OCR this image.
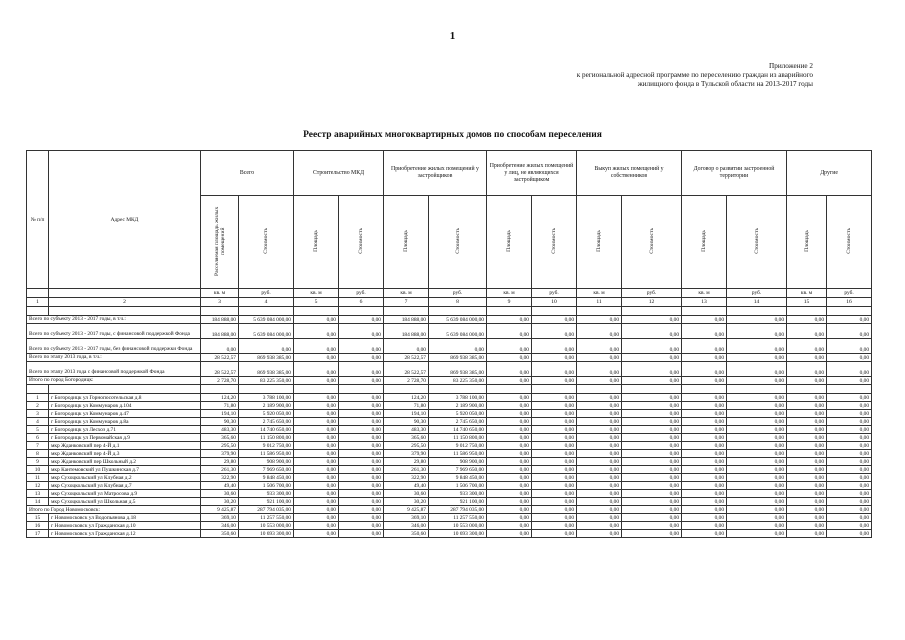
1
Приложение 2
к региональной адресной программе по переселению граждан из аварийного
жилищного фонда в Тульской области на 2013-2017 годы
Реестр аварийных многоквартирных домов по способам переселения
№ п/п	Адрес МКД	Всего		Строительство МКД		Приобретение жилых помещений у застройщиков		Приобретение жилых помещений у лиц, не являющихся застройщиком		Выкуп жилых помещений у собственников		Договор о развитии застроенной территории		Другие	
		Расселяемая площадь жилых помещений	Стоимость	Площадь	Стоимость	Площадь	Стоимость	Площадь	Стоимость	Площадь	Стоимость	Площадь	Стоимость	Площадь	Стоимость
		кв. м	руб.	кв. м	руб.	кв. м	руб.	кв. м	руб.	кв. м	руб.	кв. м	руб.	кв. м	руб.
1	2	3	4	5	6	7	8	9	10	11	12	13	14	15	16

Всего по субъекту 2013 - 2017 годы, в т.ч.:		184 888,00	5 639 084 000,00	0,00	0,00	184 888,00	5 639 084 000,00	0,00	0,00	0,00	0,00	0,00	0,00	0,00	0,00
Всего по субъекту 2013 - 2017 годы, с финансовой поддержкой Фонда		184 888,00	5 639 084 000,00	0,00	0,00	184 888,00	5 639 084 000,00	0,00	0,00	0,00	0,00	0,00	0,00	0,00	0,00
Всего по субъекту 2013 - 2017 годы, без финансовой поддержки Фонда		0,00	0,00	0,00	0,00	0,00	0,00	0,00	0,00	0,00	0,00	0,00	0,00	0,00	0,00
Всего по этапу 2013 года, в т.ч.:		28 522,57	869 938 385,00	0,00	0,00	28 522,57	869 938 385,00	0,00	0,00	0,00	0,00	0,00	0,00	0,00	0,00
Всего по этапу 2013 года с финансовой поддержкой Фонда		28 522,57	869 938 385,00	0,00	0,00	28 522,57	869 938 385,00	0,00	0,00	0,00	0,00	0,00	0,00	0,00	0,00
Итого по город Богородицк:		2 728,70	83 225 350,00	0,00	0,00	2 728,70	83 225 350,00	0,00	0,00	0,00	0,00	0,00	0,00	0,00	0,00

1	г Богородицк ул Горнопосотельская д.8	124,20	3 788 100,00	0,00	0,00	124,20	3 788 100,00	0,00	0,00	0,00	0,00	0,00	0,00	0,00	0,00
2	г Богородицк ул Коммунаров д.104	71,80	2 189 900,00	0,00	0,00	71,80	2 189 900,00	0,00	0,00	0,00	0,00	0,00	0,00	0,00	0,00
3	г Богородицк ул Коммунаров д.47	194,10	5 920 050,00	0,00	0,00	194,10	5 920 050,00	0,00	0,00	0,00	0,00	0,00	0,00	0,00	0,00
4	г Богородицк ул Коммунаров д.8а	90,30	2 745 650,00	0,00	0,00	90,30	2 745 650,00	0,00	0,00	0,00	0,00	0,00	0,00	0,00	0,00
5	г Богородицк ул Лесхоз д.71	483,30	14 740 650,00	0,00	0,00	483,30	14 740 650,00	0,00	0,00	0,00	0,00	0,00	0,00	0,00	0,00
6	г Богородицк ул Первомайская д.9	365,60	11 150 800,00	0,00	0,00	365,60	11 150 800,00	0,00	0,00	0,00	0,00	0,00	0,00	0,00	0,00
7	мкр Жданковский пер 4-Й д.1	295,50	9 012 750,00	0,00	0,00	295,50	9 012 750,00	0,00	0,00	0,00	0,00	0,00	0,00	0,00	0,00
8	мкр Жданковский пер 4-Й д.3	379,90	11 586 950,00	0,00	0,00	379,90	11 586 950,00	0,00	0,00	0,00	0,00	0,00	0,00	0,00	0,00
9	мкр Жданковский пер Школьный д.2	29,80	908 900,00	0,00	0,00	29,80	908 900,00	0,00	0,00	0,00	0,00	0,00	0,00	0,00	0,00
10	мкр Кантемовский ул Пушкинская д.7	261,30	7 969 650,00	0,00	0,00	261,30	7 969 650,00	0,00	0,00	0,00	0,00	0,00	0,00	0,00	0,00
11	мкр Сухоцкольский ул Клубная д.2	322,90	9 848 450,00	0,00	0,00	322,90	9 848 450,00	0,00	0,00	0,00	0,00	0,00	0,00	0,00	0,00
12	мкр Сухоцкольский ул Клубная д.7	49,40	1 506 700,00	0,00	0,00	49,40	1 506 700,00	0,00	0,00	0,00	0,00	0,00	0,00	0,00	0,00
13	мкр Сухоцкольский ул Матросова д.9	30,60	933 300,00	0,00	0,00	30,60	933 300,00	0,00	0,00	0,00	0,00	0,00	0,00	0,00	0,00
14	мкр Сухоцкольский ул Школьная д.5	30,20	921 100,00	0,00	0,00	30,20	921 100,00	0,00	0,00	0,00	0,00	0,00	0,00	0,00	0,00
Итого по Город Новомосковск:		9 425,87	287 794 035,00	0,00	0,00	9 425,87	287 794 035,00	0,00	0,00	0,00	0,00	0,00	0,00	0,00	0,00
15	г Новомосковск ул Водопьянова д.18	369,10	11 257 550,00	0,00	0,00	369,10	11 257 550,00	0,00	0,00	0,00	0,00	0,00	0,00	0,00	0,00
16	г Новомосковск ул Гражданская д.10	346,00	10 553 000,00	0,00	0,00	346,00	10 553 000,00	0,00	0,00	0,00	0,00	0,00	0,00	0,00	0,00
17	г Новомосковск ул Гражданская д.12	350,60	10 693 300,00	0,00	0,00	350,60	10 693 300,00	0,00	0,00	0,00	0,00	0,00	0,00	0,00	0,00
